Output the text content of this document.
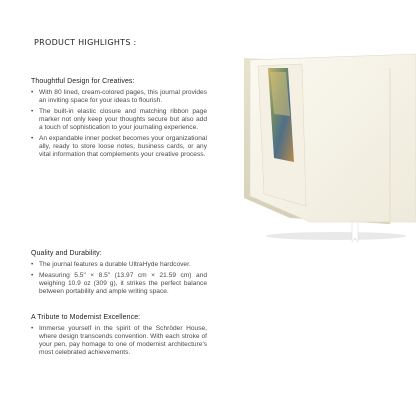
PRODUCT HIGHLIGHTS :
Thoughtful Design for Creatives:
• With 80 lined, cream-colored pages, this journal provides an inviting space for your ideas to flourish.
• The built-in elastic closure and matching ribbon page marker not only keep your thoughts secure but also add a touch of sophistication to your journaling experience.
• An expandable inner pocket becomes your organizational ally, ready to store loose notes, business cards, or any vital information that complements your creative process.
Quality and Durability:
• The journal features a durable UltraHyde hardcover.
• Measuring 5.5" × 8.5" (13.97 cm × 21.59 cm) and weighing 10.9 oz (309 g), it strikes the perfect balance between portability and ample writing space.
A Tribute to Modernist Excellence:
• Immerse yourself in the spirit of the Schröder House, where design transcends convention. With each stroke of your pen, pay homage to one of modernist architecture's most celebrated achievements.
